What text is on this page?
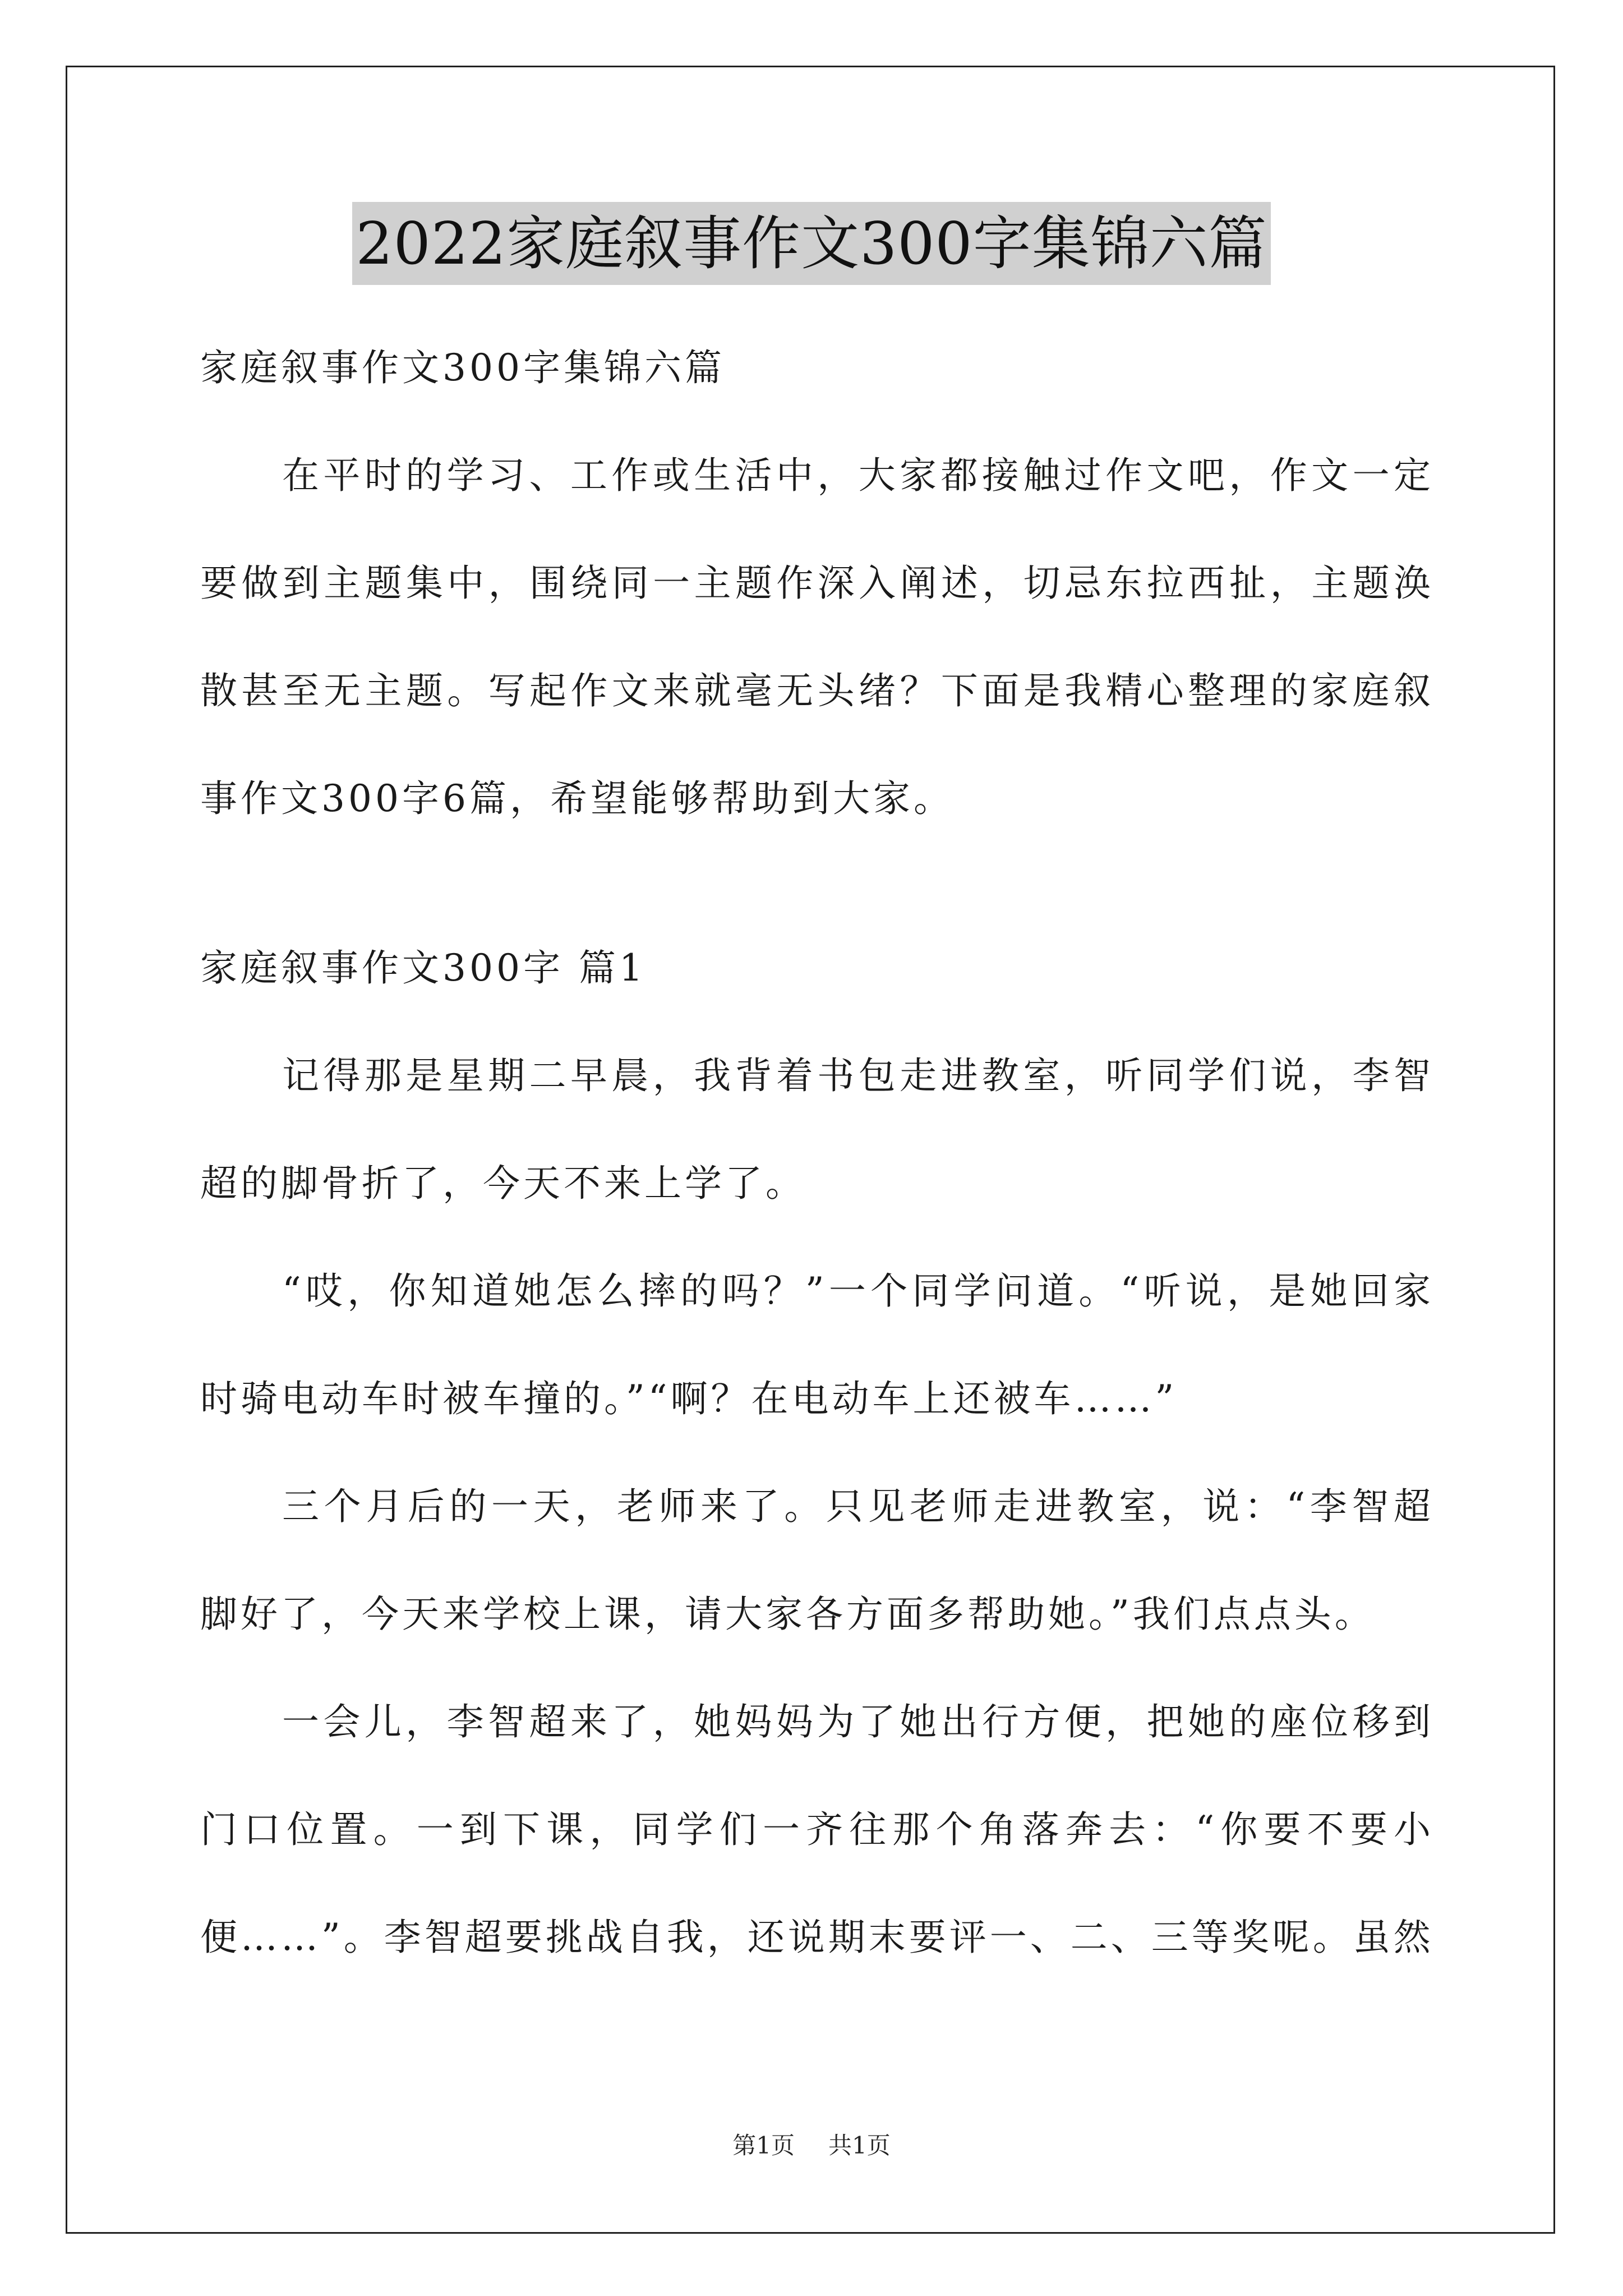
2022家庭叙事作文300字集锦六篇

家庭叙事作文300字集锦六篇

在平时的学习、工作或生活中，大家都接触过作文吧，作文一定要做到主题集中，围绕同一主题作深入阐述，切忌东拉西扯，主题涣散甚至无主题。写起作文来就毫无头绪？下面是我精心整理的家庭叙事作文300字6篇，希望能够帮助到大家。

家庭叙事作文300字 篇1

记得那是星期二早晨，我背着书包走进教室，听同学们说，李智超的脚骨折了，今天不来上学了。

“哎，你知道她怎么摔的吗？”一个同学问道。“听说，是她回家时骑电动车时被车撞的。”“啊？在电动车上还被车……”

三个月后的一天，老师来了。只见老师走进教室，说：“李智超脚好了，今天来学校上课，请大家各方面多帮助她。”我们点点头。

一会儿，李智超来了，她妈妈为了她出行方便，把她的座位移到门口位置。一到下课，同学们一齐往那个角落奔去：“你要不要小便……”。李智超要挑战自我，还说期末要评一、二、三等奖呢。虽然

第1页 共1页
